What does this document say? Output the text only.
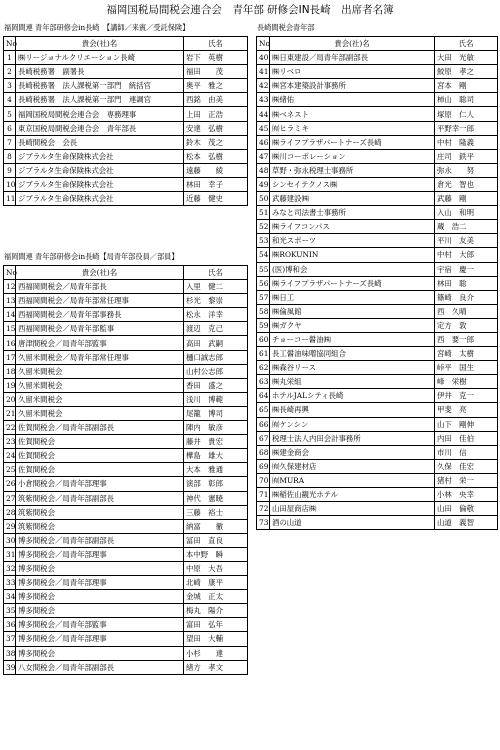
福岡国税局間税会連合会　青年部 研修会IN長崎　出席者名簿
福岡間連 青年部研修会in長崎　【講師／来賓／受託保険】
福岡間連 青年部研修会in長崎【局青年部役員／部員】
長崎間税会青年部
No	貴会(社)名	氏名
1	㈱リージョナルクリエーション長崎	岩下　英樹
2	長崎税務署　副署長	福田　　茂
3	長崎税務署　法人課税第一部門　統括官	奥平　雅之
4	長崎税務署　法人課税第一部門　連調官	西銘　由美
5	福岡国税局間税会連合会　専務理事	上田　正浩
6	東京国税局間税会連合会　青年部長	安達　弘樹
7	長崎間税会　会長	鈴木　茂之
8	ジブラルタ生命保険株式会社	松本　弘樹
9	ジブラルタ生命保険株式会社	遠藤　　綾
10	ジブラルタ生命保険株式会社	林田　幸子
11	ジブラルタ生命保険株式会社	近藤　健史
No	貴会(社)名	氏名
12	西福岡間税会／局青年部長	入里　健二
13	西福岡間税会／局青年部常任理事	杉光　黎崇
14	西福岡間税会／局青年部事務長	松永　洋幸
15	西福岡間税会／局青年部監事	渡辺　克己
16	唐津間税会／局青年部監事	高田　武嗣
17	久留米間税会／局青年部常任理事	樋口誠志郎
18	久留米間税会	山村公志郎
19	久留米間税会	香田　盛之
20	久留米間税会	浅川　博範
21	久留米間税会	尾籠　博司
22	佐賀間税会／局青年部副部長	陣内　敏彦
23	佐賀間税会	藤井　貴宏
24	佐賀間税会	樺島　雄大
25	佐賀間税会	大本　雅通
26	小倉間税会／局青年部理事	演部　彰郎
27	筑紫間税会／局青年部副部長	神代　憲暁
28	筑紫間税会	三藤　裕士
29	筑紫間税会	納富　　徹
30	博多間税会／局青年部副部長	冨田　直良
31	博多間税会／局青年部理事	本中野　瞬
32	博多間税会	中原　大吾
33	博多間税会／局青年部理事	北崎　康平
34	博多間税会	金城　正太
35	博多間税会	梅丸　陽介
36	博多間税会／局青年部監事	富田　弘年
37	博多間税会／局青年部理事	望田　大輔
38	博多間税会	小杉　　達
39	八女間税会／局青年部副部長	緒方　孝文
No	貴会(社)名	氏名
40	㈱日東建設／局青年部副部長	大田　光敏
41	㈱リベロ	鮫原　孝之
42	㈱宮本建築設計事務所	宮本　剛
43	㈱緒佑	柿山　聡司
44	㈱ベネスト	塚原　仁人
45	㈲ヒラミキ	平野幸一郎
46	㈱ライフプラザパートナーズ長崎	中村　隆義
47	㈱川コーポレーション	庄司　鉄平
48	草野・弥永税理士事務所	弥永　　努
49	シンセイテクノス㈱	倉光　智也
50	武藤建設㈱	武藤　剛
51	みなと司法書士事務所	入山　和明
52	㈱ライフコンパス	蔵　浩二
53	和光スポーツ	平川　友美
54	㈱ROKUNIN	中村　大郎
55	(医)博和会	宇宿　慶一
56	㈱ライフプラザパートナーズ長崎	林田　聡
57	㈱日工	篠崎　良介
58	㈱倫風館	西　久晴
59	㈱ガクヤ	定方　敦
60	チョーコー醤油㈱	西　要一郎
61	長工醤油味噌協同組合	宮崎　太樹
62	㈱森谷リース	峠平　国生
63	㈱丸栄組	峰　栄樹
64	ホテルJALシティ長崎	伊井　克一
65	㈱長崎再興	甲斐　亮
66	㈲ケンシン	山下　剛伸
67	税理士法人内田会計事務所	内田　佳伯
68	㈱建金商会	市川　信
69	㈲久保建材店	久保　佳宏
70	㈲MURA	猪村　栄一
71	㈱稲佐山観光ホテル	小林　央幸
72	山田屋商店㈱	山田　倫敬
73	酒の山道	山道　義智
